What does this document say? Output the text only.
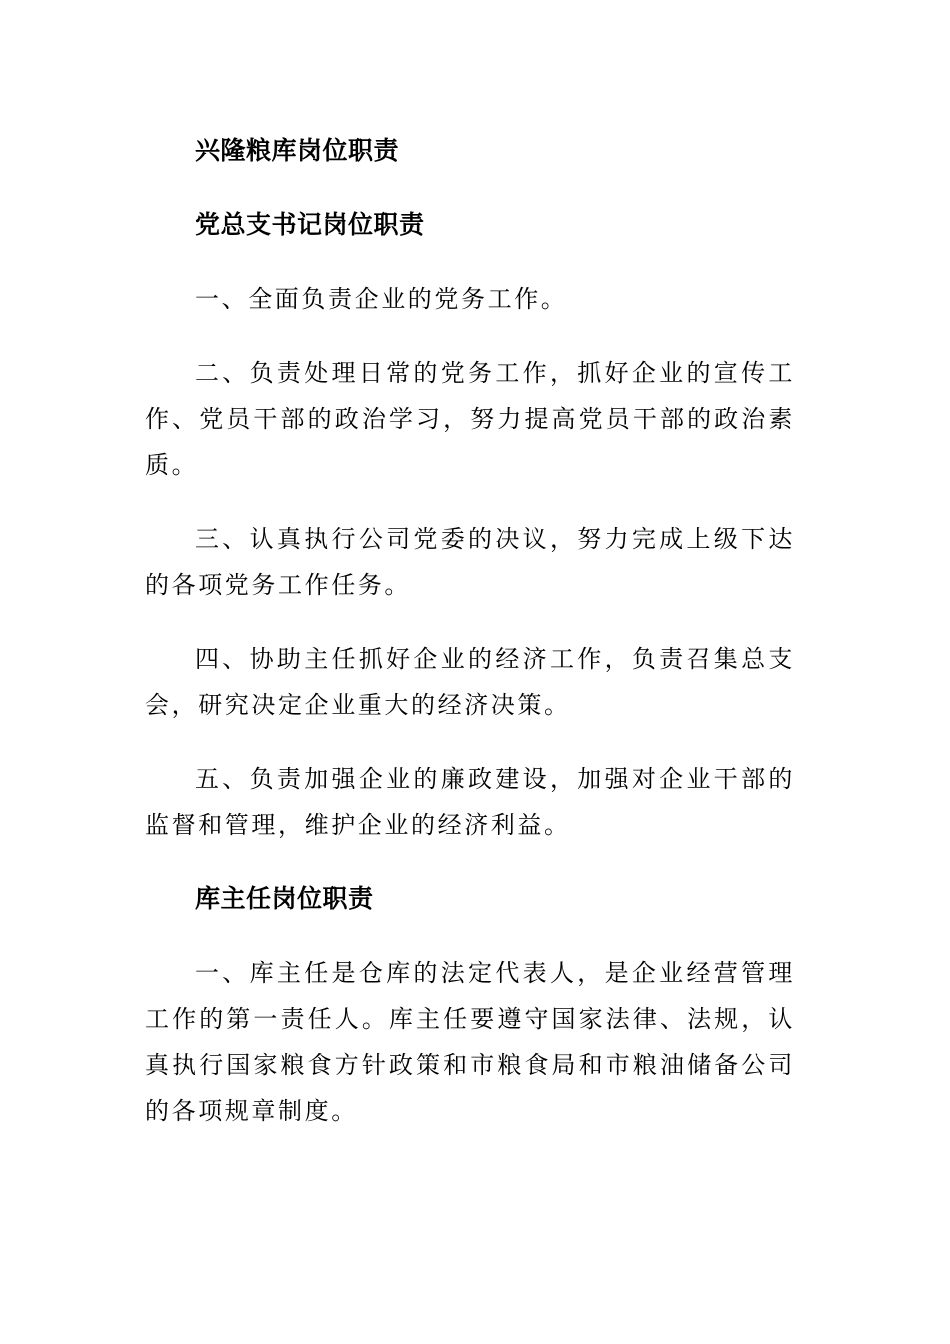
兴隆粮库岗位职责
党总支书记岗位职责

一、全面负责企业的党务工作。

二、负责处理日常的党务工作，抓好企业的宣传工作、党员干部的政治学习，努力提高党员干部的政治素质。

三、认真执行公司党委的决议，努力完成上级下达的各项党务工作任务。

四、协助主任抓好企业的经济工作，负责召集总支会，研究决定企业重大的经济决策。

五、负责加强企业的廉政建设，加强对企业干部的监督和管理，维护企业的经济利益。

库主任岗位职责

一、库主任是仓库的法定代表人，是企业经营管理工作的第一责任人。库主任要遵守国家法律、法规，认真执行国家粮食方针政策和市粮食局和市粮油储备公司的各项规章制度。
